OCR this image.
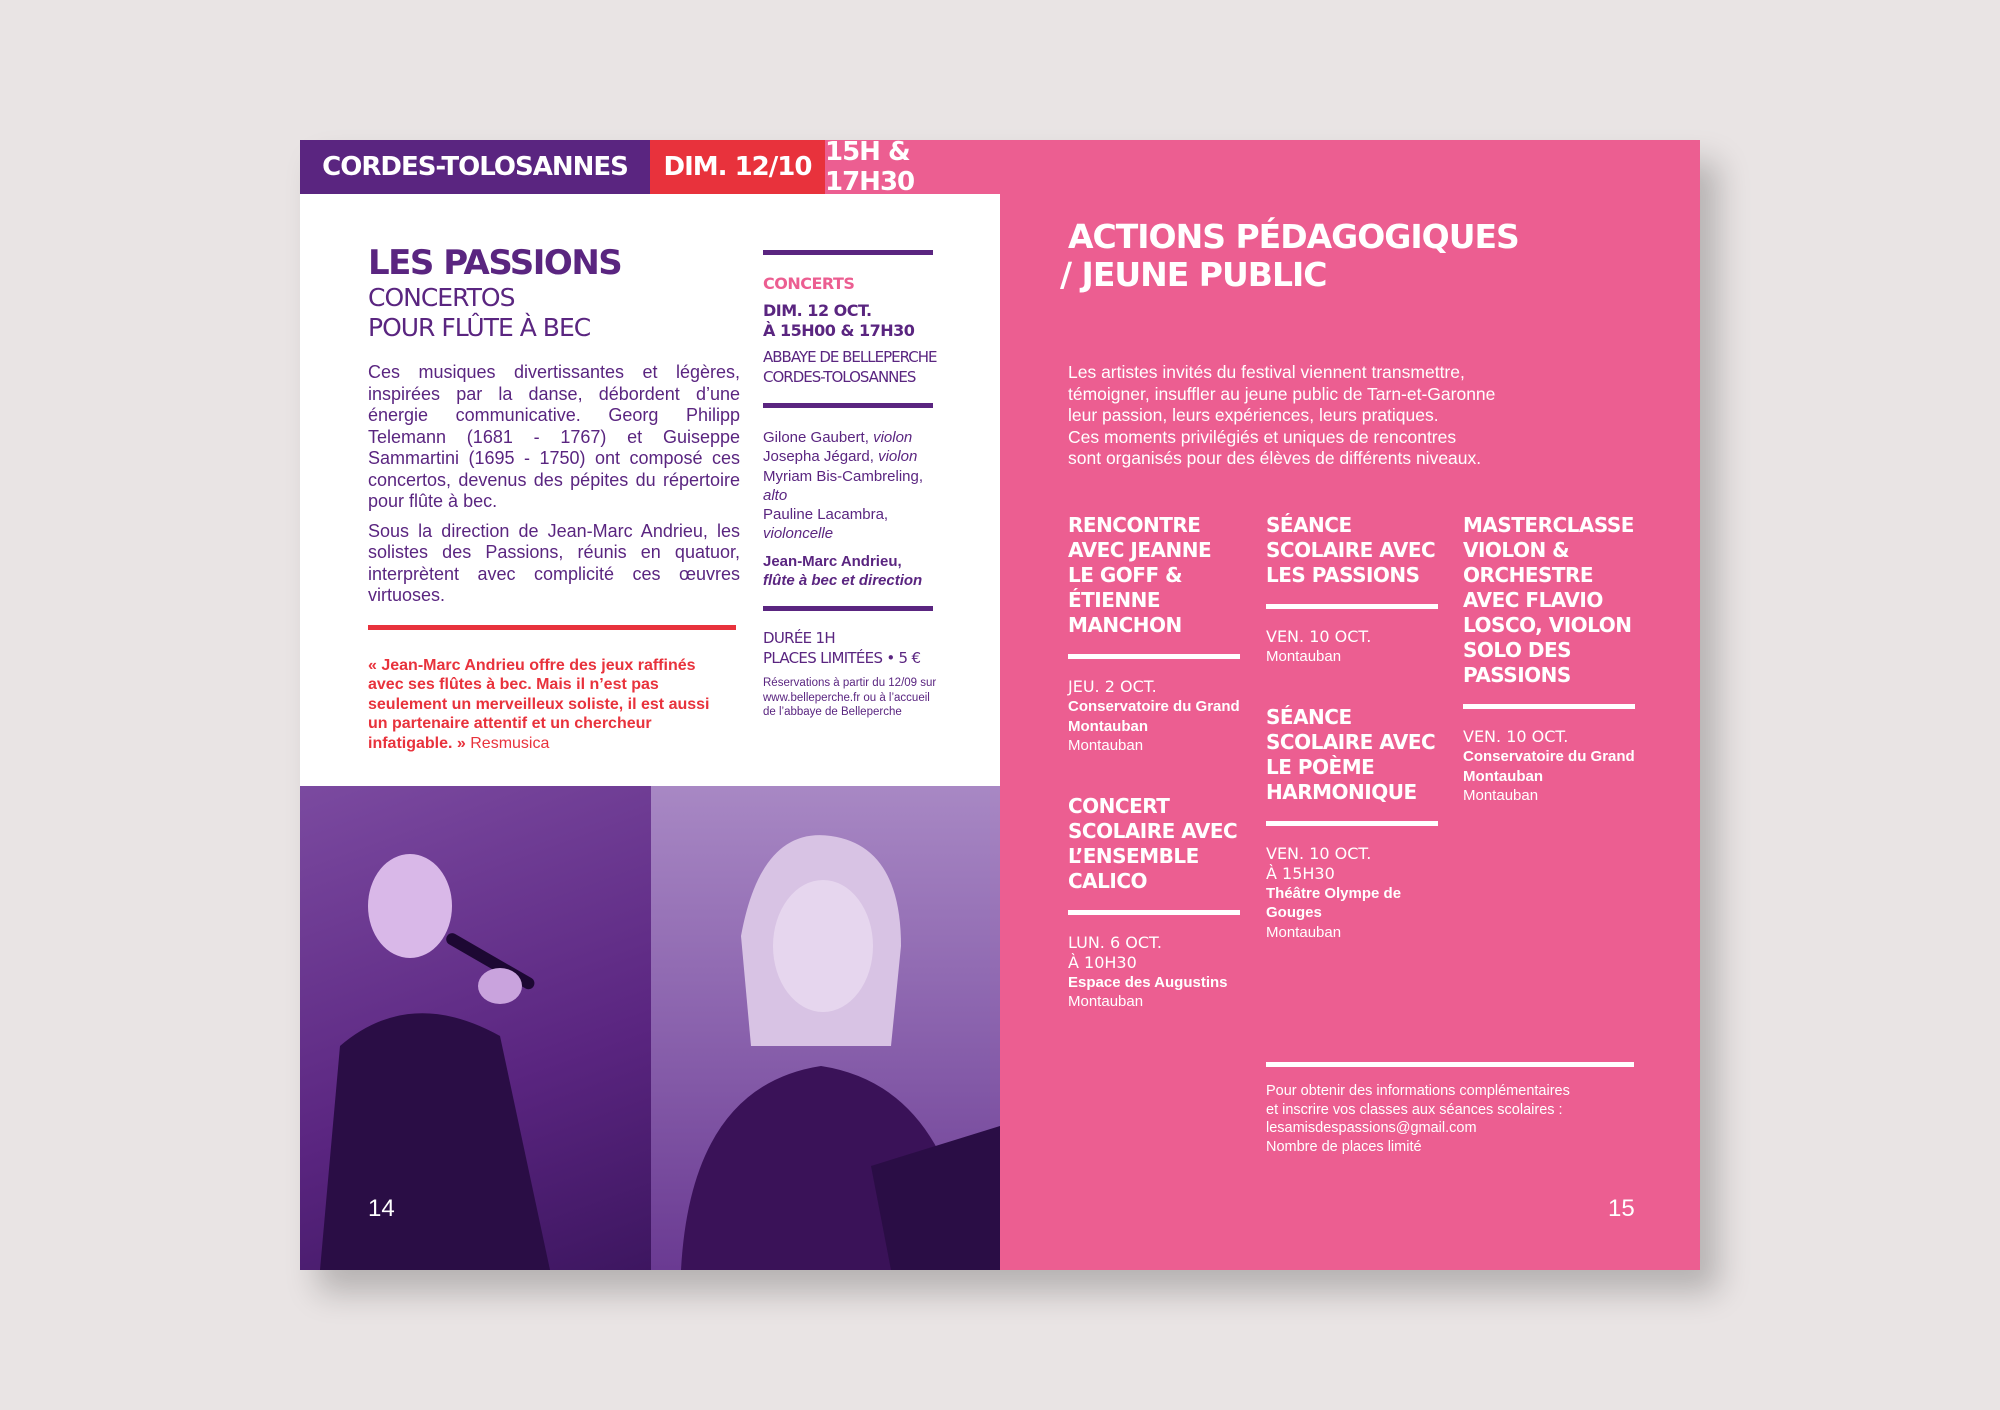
CORDES-TOLOSANNES	DIM. 12/10 15H & 17H30
LES PASSIONS
CONCERTOS
POUR FLÛTE À BEC
Ces musiques divertissantes et légères, inspirées par la danse, débordent d’une énergie communicative. Georg Philipp Telemann (1681 - 1767) et Guiseppe Sammartini (1695 - 1750) ont composé ces concertos, devenus des pépites du répertoire pour flûte à bec.
Sous la direction de Jean-Marc Andrieu, les solistes des Passions, réunis en quatuor, interprètent avec complicité ces œuvres virtuoses.
« Jean-Marc Andrieu offre des jeux raffinés avec ses flûtes à bec. Mais il n’est pas seulement un merveilleux soliste, il est aussi un partenaire attentif et un chercheur infatigable. » Resmusica
CONCERTS
DIM. 12 OCT.
À 15H00 & 17H30
ABBAYE DE BELLEPERCHE
CORDES-TOLOSANNES
Gilone Gaubert, violon
Josepha Jégard, violon
Myriam Bis-Cambreling, alto
Pauline Lacambra, violoncelle
Jean-Marc Andrieu,
flûte à bec et direction
DURÉE 1H
PLACES LIMITÉES • 5 €
Réservations à partir du 12/09 sur www.belleperche.fr ou à l’accueil de l’abbaye de Belleperche
14
ACTIONS PÉDAGOGIQUES
/ JEUNE PUBLIC
Les artistes invités du festival viennent transmettre,
témoigner, insuffler au jeune public de Tarn-et-Garonne
leur passion, leurs expériences, leurs pratiques.
Ces moments privilégiés et uniques de rencontres
sont organisés pour des élèves de différents niveaux.
RENCONTRE AVEC JEANNE LE GOFF & ÉTIENNE MANCHON
JEU. 2 OCT.
Conservatoire du Grand Montauban
Montauban
CONCERT SCOLAIRE AVEC L’ENSEMBLE CALICO
LUN. 6 OCT.
À 10H30
Espace des Augustins
Montauban
SÉANCE SCOLAIRE AVEC LES PASSIONS
VEN. 10 OCT.
Montauban
SÉANCE SCOLAIRE AVEC LE POÈME HARMONIQUE
VEN. 10 OCT.
À 15H30
Théâtre Olympe de Gouges
Montauban
MASTERCLASSE VIOLON & ORCHESTRE AVEC FLAVIO LOSCO, VIOLON SOLO DES PASSIONS
VEN. 10 OCT.
Conservatoire du Grand Montauban
Montauban
Pour obtenir des informations complémentaires
et inscrire vos classes aux séances scolaires :
lesamisdespassions@gmail.com
Nombre de places limité
15
